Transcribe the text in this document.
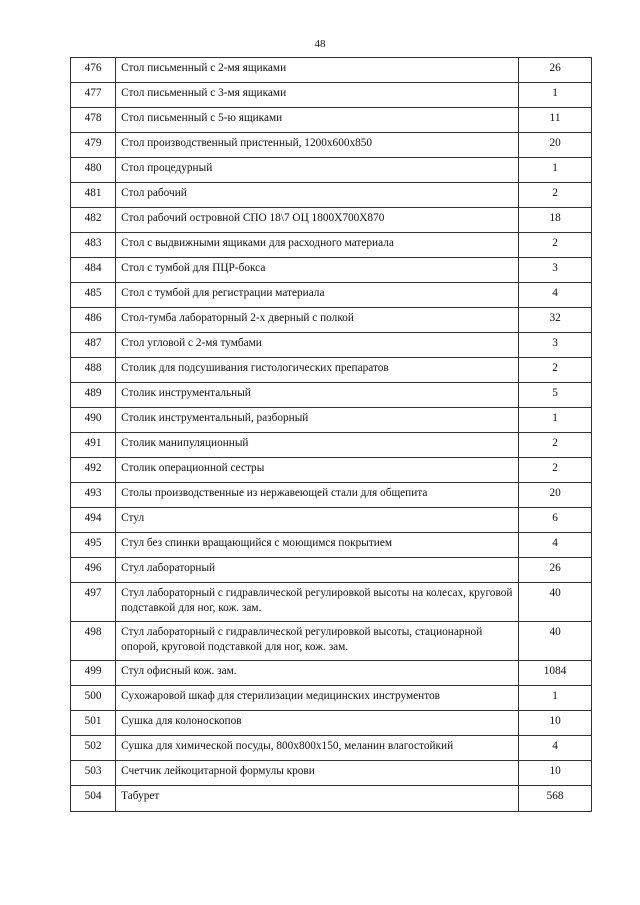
48
476	Стол письменный с 2-мя ящиками	26
477	Стол письменный с 3-мя ящиками	1
478	Стол письменный с 5-ю ящиками	11
479	Стол производственный пристенный, 1200х600х850	20
480	Стол процедурный	1
481	Стол рабочий	2
482	Стол рабочий островной СПО 18\7 ОЦ 1800Х700Х870	18
483	Стол с выдвижными ящиками для расходного материала	2
484	Стол с тумбой для ПЦР-бокса	3
485	Стол с тумбой для регистрации материала	4
486	Стол-тумба лабораторный 2-х дверный с полкой	32
487	Стол угловой с 2-мя тумбами	3
488	Столик для подсушивания гистологических препаратов	2
489	Столик инструментальный	5
490	Столик инструментальный, разборный	1
491	Столик манипуляционный	2
492	Столик операционной сестры	2
493	Столы производственные из нержавеющей стали для общепита	20
494	Стул	6
495	Стул без спинки вращающийся с моющимся покрытием	4
496	Стул лабораторный	26
497	Стул лабораторный с гидравлической регулировкой высоты на колесах, круговой подставкой для ног, кож. зам.	40
498	Стул лабораторный с гидравлической регулировкой высоты, стационарной опорой, круговой подставкой для ног, кож. зам.	40
499	Стул офисный кож. зам.	1084
500	Сухожаровой шкаф для стерилизации медицинских инструментов	1
501	Сушка для колоноскопов	10
502	Сушка для химической посуды, 800х800х150, меланин влагостойкий	4
503	Счетчик лейкоцитарной формулы крови	10
504	Табурет	568
